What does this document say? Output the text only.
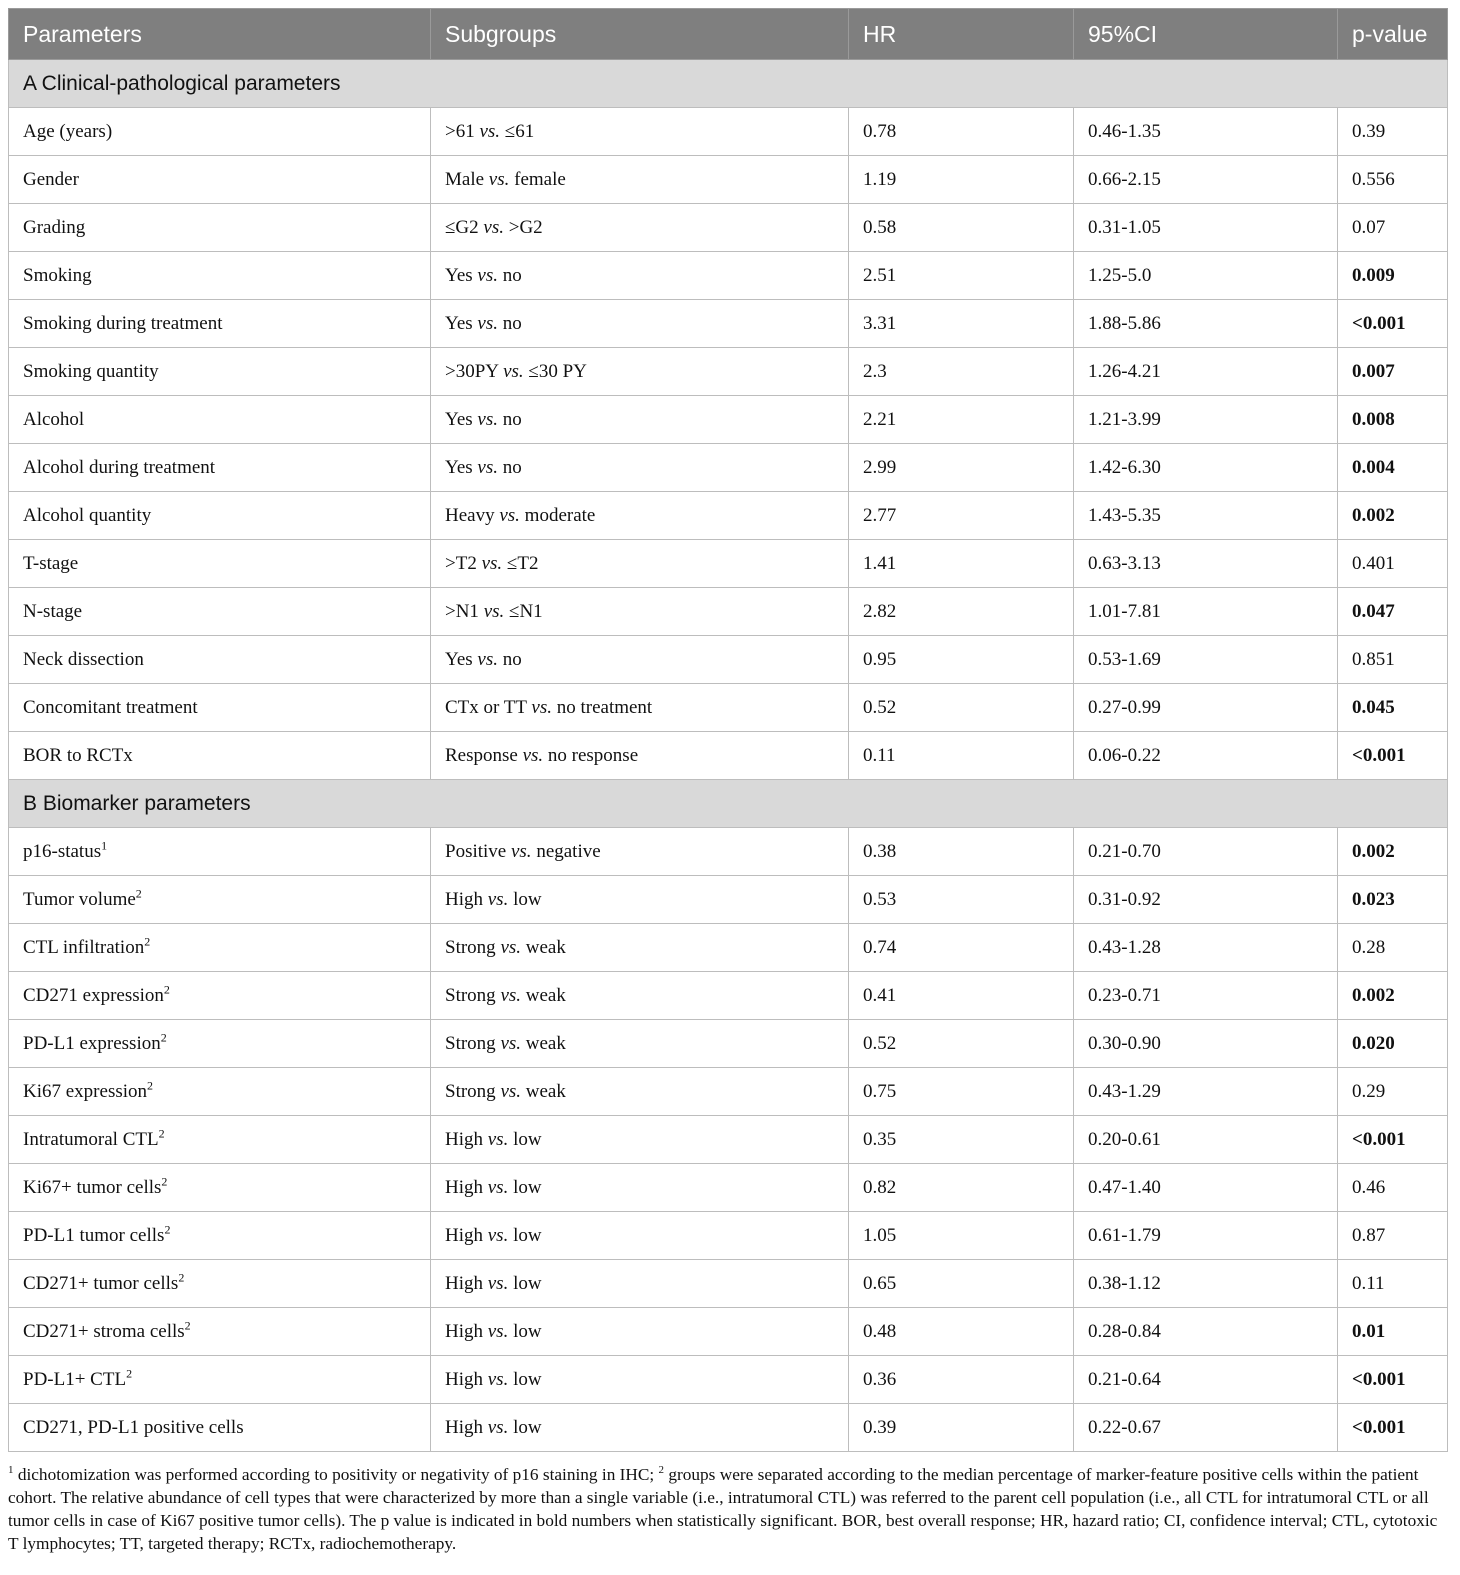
Parameters	Subgroups	HR	95%CI	p-value
A Clinical-pathological parameters				
Age (years)	>61 vs. ≤61	0.78	0.46-1.35	0.39
Gender	Male vs. female	1.19	0.66-2.15	0.556
Grading	≤G2 vs. >G2	0.58	0.31-1.05	0.07
Smoking	Yes vs. no	2.51	1.25-5.0	0.009
Smoking during treatment	Yes vs. no	3.31	1.88-5.86	<0.001
Smoking quantity	>30PY vs. ≤30 PY	2.3	1.26-4.21	0.007
Alcohol	Yes vs. no	2.21	1.21-3.99	0.008
Alcohol during treatment	Yes vs. no	2.99	1.42-6.30	0.004
Alcohol quantity	Heavy vs. moderate	2.77	1.43-5.35	0.002
T-stage	>T2 vs. ≤T2	1.41	0.63-3.13	0.401
N-stage	>N1 vs. ≤N1	2.82	1.01-7.81	0.047
Neck dissection	Yes vs. no	0.95	0.53-1.69	0.851
Concomitant treatment	CTx or TT vs. no treatment	0.52	0.27-0.99	0.045
BOR to RCTx	Response vs. no response	0.11	0.06-0.22	<0.001
B Biomarker parameters				
p16-status$^1$	Positive vs. negative	0.38	0.21-0.70	0.002
Tumor volume$^2$	High vs. low	0.53	0.31-0.92	0.023
CTL infiltration$^2$	Strong vs. weak	0.74	0.43-1.28	0.28
CD271 expression$^2$	Strong vs. weak	0.41	0.23-0.71	0.002
PD-L1 expression$^2$	Strong vs. weak	0.52	0.30-0.90	0.020
Ki67 expression$^2$	Strong vs. weak	0.75	0.43-1.29	0.29
Intratumoral CTL$^2$	High vs. low	0.35	0.20-0.61	<0.001
Ki67+ tumor cells$^2$	High vs. low	0.82	0.47-1.40	0.46
PD-L1 tumor cells$^2$	High vs. low	1.05	0.61-1.79	0.87
CD271+ tumor cells$^2$	High vs. low	0.65	0.38-1.12	0.11
CD271+ stroma cells$^2$	High vs. low	0.48	0.28-0.84	0.01
$PD-L1+ CTL^2$	High vs. low	0.36	0.21-0.64	<0.001
CD271, PD-L1 positive cells	High vs. low	0.39	0.22-0.67	<0.001
$^1$ dichotomization was performed according to positivity or negativity of p16 staining in IHC; $^2$ groups were separated according to the median percentage of marker-feature positive cells within the patient cohort. The relative abundance of cell types that were characterized by more than a single variable (i.e., intratumoral CTL) was referred to the parent cell population (i.e., all CTL for intratumoral CTL or all tumor cells in case of Ki67 positive tumor cells). The p value is indicated in bold numbers when statistically significant. BOR, best overall response; HR, hazard ratio; CI, confidence interval; CTL, cytotoxic T lymphocytes; TT, targeted therapy; RCTx, radiochemotherapy.
